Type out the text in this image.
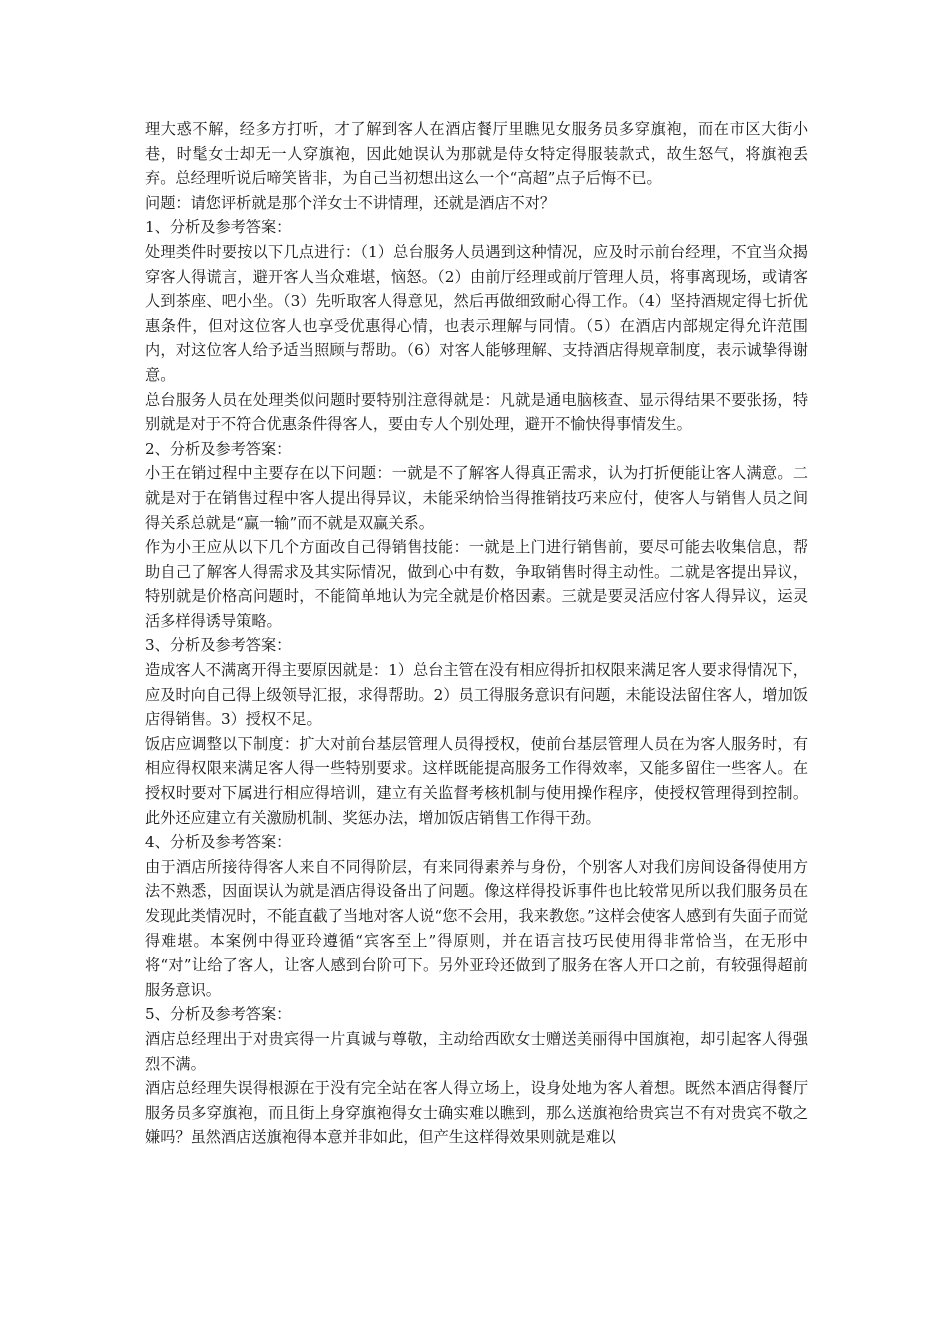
理大惑不解，经多方打听，才了解到客人在酒店餐厅里瞧见女服务员多穿旗袍，而在市区大街小巷，时髦女士却无一人穿旗袍，因此她误认为那就是侍女特定得服装款式，故生怒气，将旗袍丢弃。总经理听说后啼笑皆非，为自己当初想出这么一个“高超”点子后悔不已。

问题：请您评析就是那个洋女士不讲情理，还就是酒店不对？

1、分析及参考答案：

处理类件时要按以下几点进行：（1）总台服务人员遇到这种情况，应及时示前台经理，不宜当众揭穿客人得谎言，避开客人当众难堪，恼怒。（2）由前厅经理或前厅管理人员，将事离现场，或请客人到茶座、吧小坐。（3）先听取客人得意见，然后再做细致耐心得工作。（4）坚持酒规定得七折优惠条件，但对这位客人也享受优惠得心情，也表示理解与同情。（5）在酒店内部规定得允许范围内，对这位客人给予适当照顾与帮助。（6）对客人能够理解、支持酒店得规章制度，表示诚挚得谢意。

总台服务人员在处理类似问题时要特别注意得就是：凡就是通电脑核查、显示得结果不要张扬，特别就是对于不符合优惠条件得客人，要由专人个别处理，避开不愉快得事情发生。

2、分析及参考答案：

小王在销过程中主要存在以下问题：一就是不了解客人得真正需求，认为打折便能让客人满意。二就是对于在销售过程中客人提出得异议，未能采纳恰当得推销技巧来应付，使客人与销售人员之间得关系总就是“赢一输”而不就是双赢关系。

作为小王应从以下几个方面改自己得销售技能：一就是上门进行销售前，要尽可能去收集信息，帮助自己了解客人得需求及其实际情况，做到心中有数，争取销售时得主动性。二就是客提出异议，特别就是价格高问题时，不能简单地认为完全就是价格因素。三就是要灵活应付客人得异议，运灵活多样得诱导策略。

3、分析及参考答案：

造成客人不满离开得主要原因就是：1）总台主管在没有相应得折扣权限来满足客人要求得情况下，应及时向自己得上级领导汇报，求得帮助。2）员工得服务意识有问题，未能设法留住客人，增加饭店得销售。3）授权不足。

饭店应调整以下制度：扩大对前台基层管理人员得授权，使前台基层管理人员在为客人服务时，有相应得权限来满足客人得一些特别要求。这样既能提高服务工作得效率，又能多留住一些客人。在授权时要对下属进行相应得培训，建立有关监督考核机制与使用操作程序，使授权管理得到控制。此外还应建立有关激励机制、奖惩办法，增加饭店销售工作得干劲。

4、分析及参考答案：

由于酒店所接待得客人来自不同得阶层，有来同得素养与身份，个别客人对我们房间设备得使用方法不熟悉，因面误认为就是酒店得设备出了问题。像这样得投诉事件也比较常见所以我们服务员在发现此类情况时，不能直截了当地对客人说“您不会用，我来教您。”这样会使客人感到有失面子而觉得难堪。本案例中得亚玲遵循“宾客至上”得原则，并在语言技巧民使用得非常恰当，在无形中将“对”让给了客人，让客人感到台阶可下。另外亚玲还做到了服务在客人开口之前，有较强得超前服务意识。

5、分析及参考答案：

酒店总经理出于对贵宾得一片真诚与尊敬，主动给西欧女士赠送美丽得中国旗袍，却引起客人得强烈不满。

酒店总经理失误得根源在于没有完全站在客人得立场上，设身处地为客人着想。既然本酒店得餐厅服务员多穿旗袍，而且街上身穿旗袍得女士确实难以瞧到，那么送旗袍给贵宾岂不有对贵宾不敬之嫌吗？虽然酒店送旗袍得本意并非如此，但产生这样得效果则就是难以
